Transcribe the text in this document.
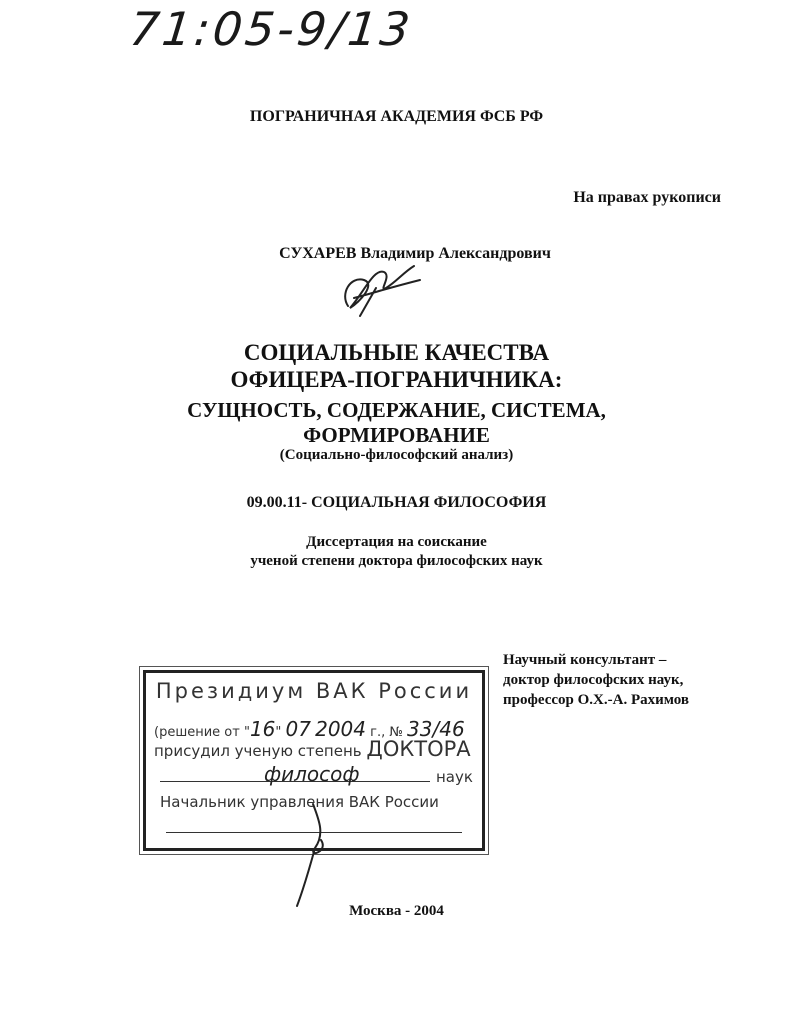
71:05-9/13
ПОГРАНИЧНАЯ АКАДЕМИЯ ФСБ РФ
На правах рукописи
СУХАРЕВ Владимир Александрович
СОЦИАЛЬНЫЕ КАЧЕСТВА
ОФИЦЕРА-ПОГРАНИЧНИКА:
СУЩНОСТЬ, СОДЕРЖАНИЕ, СИСТЕМА,
ФОРМИРОВАНИЕ
(Социально-философский анализ)
09.00.11- СОЦИАЛЬНАЯ ФИЛОСОФИЯ
Диссертация на соискание
ученой степени доктора философских наук
Научный консультант –
доктор философских наук,
профессор О.Х.-А. Рахимов
Президиум ВАК России
(решение от "16" 07 2004 г., № 33/46
присудил ученую степень ДОКТОРА
философ	наук
Начальник управления ВАК России
Москва - 2004
